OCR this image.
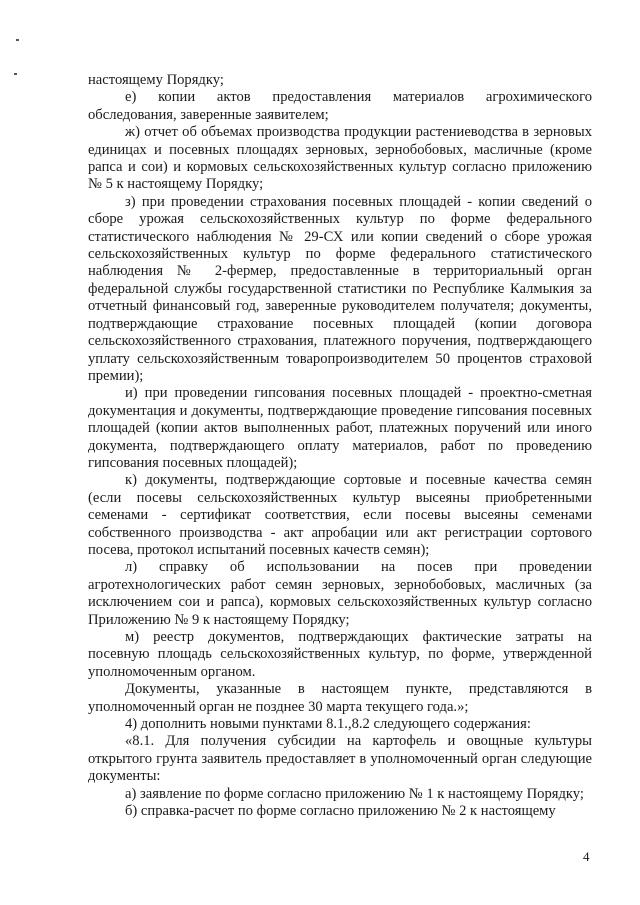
настоящему Порядку;

е) копии актов предоставления материалов агрохимического обследования, заверенные заявителем;

ж) отчет об объемах производства продукции растениеводства в зерновых единицах и посевных площадях зерновых, зернобобовых, масличные (кроме рапса и сои) и кормовых сельскохозяйственных культур согласно приложению № 5 к настоящему Порядку;

з) при проведении страхования посевных площадей - копии сведений о сборе урожая сельскохозяйственных культур по форме федерального статистического наблюдения № 29-СХ или копии сведений о сборе урожая сельскохозяйственных культур по форме федерального статистического наблюдения № 2-фермер, предоставленные в территориальный орган федеральной службы государственной статистики по Республике Калмыкия за отчетный финансовый год, заверенные руководителем получателя; документы, подтверждающие страхование посевных площадей (копии договора сельскохозяйственного страхования, платежного поручения, подтверждающего уплату сельскохозяйственным товаропроизводителем 50 процентов страховой премии);

и) при проведении гипсования посевных площадей - проектно-сметная документация и документы, подтверждающие проведение гипсования посевных площадей (копии актов выполненных работ, платежных поручений или иного документа, подтверждающего оплату материалов, работ по проведению гипсования посевных площадей);

к) документы, подтверждающие сортовые и посевные качества семян (если посевы сельскохозяйственных культур высеяны приобретенными семенами - сертификат соответствия, если посевы высеяны семенами собственного производства - акт апробации или акт регистрации сортового посева, протокол испытаний посевных качеств семян);

л) справку об использовании на посев при проведении агротехнологических работ семян зерновых, зернобобовых, масличных (за исключением сои и рапса), кормовых сельскохозяйственных культур согласно Приложению № 9 к настоящему Порядку;

м) реестр документов, подтверждающих фактические затраты на посевную площадь сельскохозяйственных культур, по форме, утвержденной уполномоченным органом.

Документы, указанные в настоящем пункте, представляются в уполномоченный орган не позднее 30 марта текущего года.»;

4) дополнить новыми пунктами 8.1.,8.2 следующего содержания:

«8.1. Для получения субсидии на картофель и овощные культуры открытого грунта заявитель предоставляет в уполномоченный орган следующие документы:

а) заявление по форме согласно приложению № 1 к настоящему Порядку;

б) справка-расчет по форме согласно приложению № 2 к настоящему

4
